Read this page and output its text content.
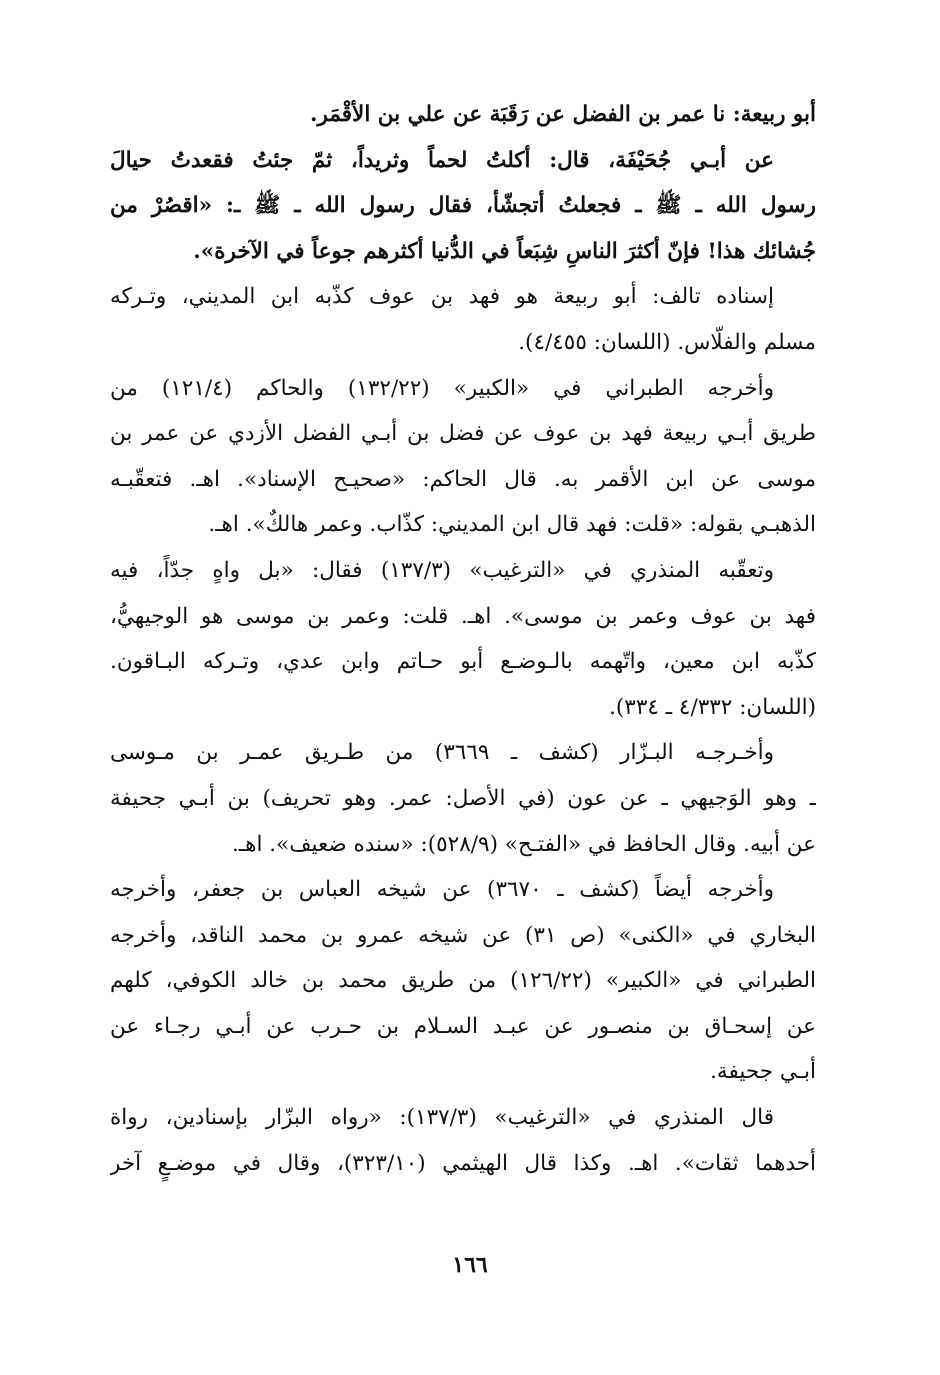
أبو ربيعة: نا عمر بن الفضل عن رَقَبَة عن علي بن الأقْمَر.
عن أبـي جُحَيْفَة، قال: أكلتُ لحماً وثريداً، ثمّ جئتُ فقعدتُ حيالَ
رسول الله ـ ﷺ ـ فجعلتُ أتجشّأ، فقال رسول الله ـ ﷺ ـ: «اقصُرْ من
جُشائك هذا! فإنّ أكثرَ الناسِ شِبَعاً في الدُّنيا أكثرهم جوعاً في الآخرة».
إسناده تالف: أبو ربيعة هو فهد بن عوف كذّبه ابن المديني، وتـركه
مسلم والفلّاس. (اللسان: ٤/٤٥٥).
وأخرجه الطبراني في «الكبير» (١٣٢/٢٢) والحاكم (١٢١/٤) من
طريق أبـي ربيعة فهد بن عوف عن فضل بن أبـي الفضل الأزدي عن عمر بن
موسى عن ابن الأقمر به. قال الحاكم: «صحيـح الإسناد». اهـ. فتعقّبـه
الذهبـي بقوله: «قلت: فهد قال ابن المديني: كذّاب. وعمر هالكٌ». اهـ.
وتعقّبه المنذري في «الترغيب» (١٣٧/٣) فقال: «بل واهٍ جدّاً، فيه
فهد بن عوف وعمر بن موسى». اهـ. قلت: وعمر بن موسى هو الوجيهيُّ،
كذّبه ابن معين، واتّهمه بالـوضـع أبو حـاتم وابن عدي، وتـركه البـاقون.
(اللسان: ٤/٣٣٢ ـ ٣٣٤).
وأخـرجـه البـزّار (كشف ـ ٣٦٦٩) من طـريق عمـر بن مـوسى
ـ وهو الوَجيهي ـ عن عون (في الأصل: عمر. وهو تحريف) بن أبـي جحيفة
عن أبيه. وقال الحافظ في «الفتـح» (٥٢٨/٩): «سنده ضعيف». اهـ.
وأخرجه أيضاً (كشف ـ ٣٦٧٠) عن شيخه العباس بن جعفر، وأخرجه
البخاري في «الكنى» (ص ٣١) عن شيخه عمرو بن محمد الناقد، وأخرجه
الطبراني في «الكبير» (١٢٦/٢٢) من طريق محمد بن خالد الكوفي، كلهم
عن إسحـاق بن منصـور عن عبـد السـلام بن حـرب عن أبـي رجـاء عن
أبـي جحيفة.
قال المنذري في «الترغيب» (١٣٧/٣): «رواه البزّار بإسنادين، رواة
أحدهما ثقات». اهـ. وكذا قال الهيثمي (٣٢٣/١٠)، وقال في موضـعٍ آخر
١٦٦
